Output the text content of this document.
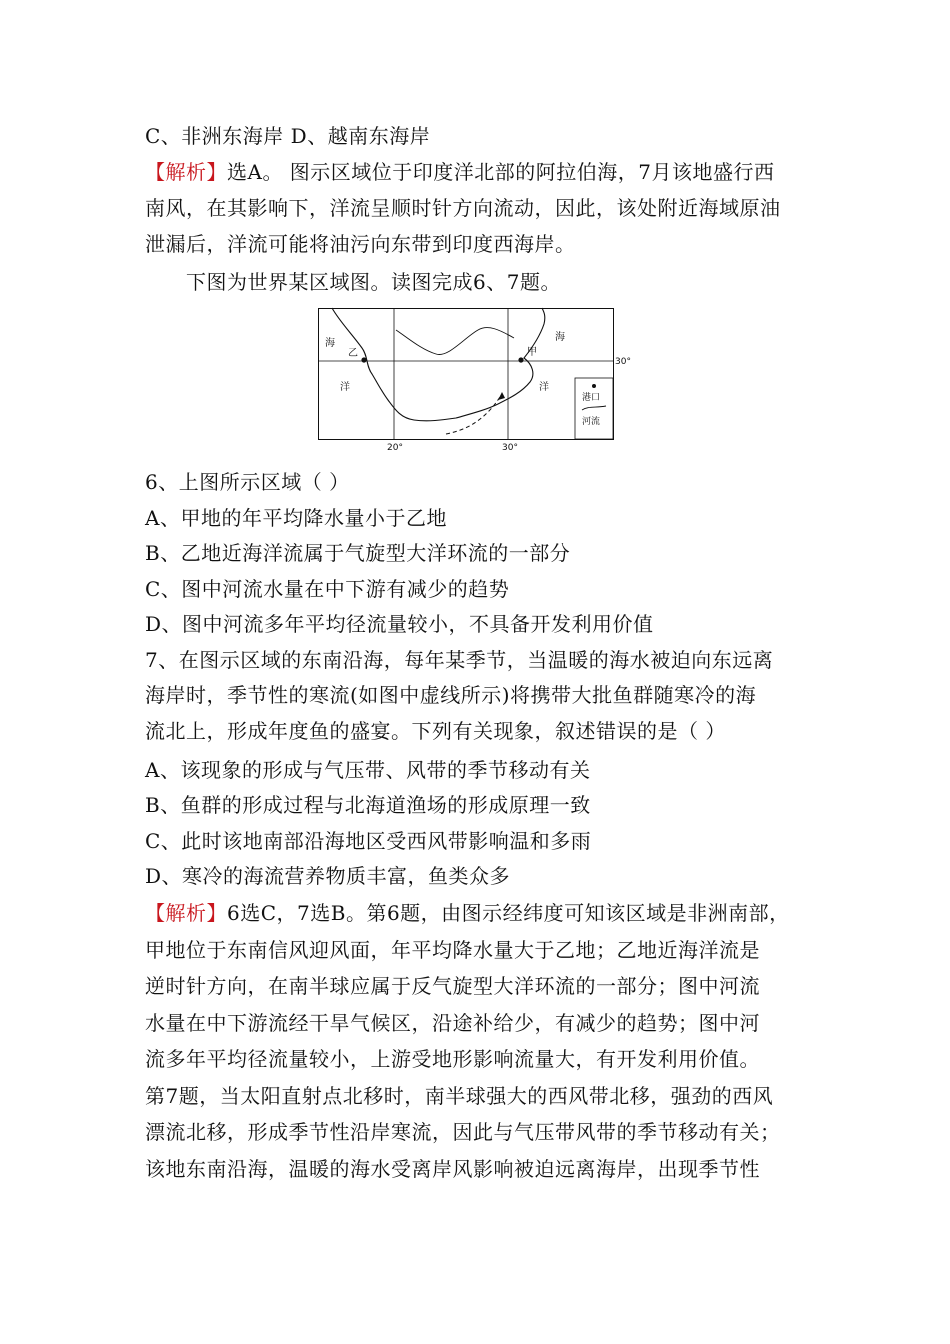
C、非洲东海岸 D、越南东海岸
【解析】选A。 图示区域位于印度洋北部的阿拉伯海，7月该地盛行西
南风，在其影响下，洋流呈顺时针方向流动，因此，该处附近海域原油
泄漏后，洋流可能将油污向东带到印度西海岸。
下图为世界某区域图。读图完成6、7题。
乙	甲
海
洋
海
洋
30°
20°	30°
港口
河流
6、上图所示区域（ ）
A、甲地的年平均降水量小于乙地
B、乙地近海洋流属于气旋型大洋环流的一部分
C、图中河流水量在中下游有减少的趋势
D、图中河流多年平均径流量较小，不具备开发利用价值
7、在图示区域的东南沿海，每年某季节，当温暖的海水被迫向东远离
海岸时，季节性的寒流(如图中虚线所示)将携带大批鱼群随寒冷的海
流北上，形成年度鱼的盛宴。下列有关现象，叙述错误的是（ ）
A、该现象的形成与气压带、风带的季节移动有关
B、鱼群的形成过程与北海道渔场的形成原理一致
C、此时该地南部沿海地区受西风带影响温和多雨
D、寒冷的海流营养物质丰富，鱼类众多
【解析】6选C，7选B。第6题，由图示经纬度可知该区域是非洲南部，
甲地位于东南信风迎风面，年平均降水量大于乙地；乙地近海洋流是
逆时针方向，在南半球应属于反气旋型大洋环流的一部分；图中河流
水量在中下游流经干旱气候区，沿途补给少，有减少的趋势；图中河
流多年平均径流量较小，上游受地形影响流量大，有开发利用价值。
第7题，当太阳直射点北移时，南半球强大的西风带北移，强劲的西风
漂流北移，形成季节性沿岸寒流，因此与气压带风带的季节移动有关；
该地东南沿海，温暖的海水受离岸风影响被迫远离海岸，出现季节性
